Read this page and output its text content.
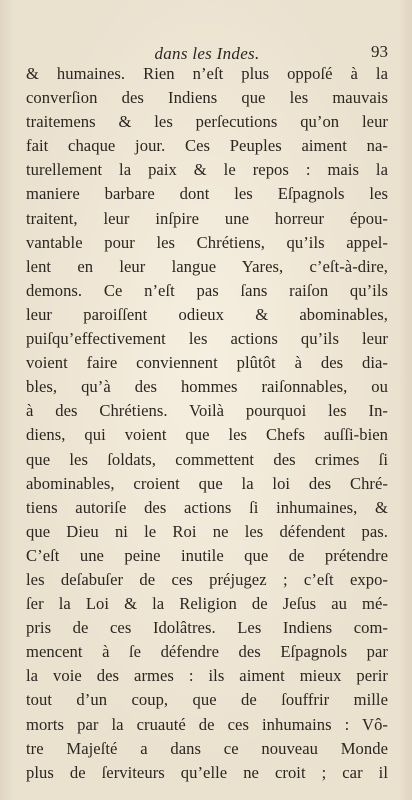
dans les Indes.	93
& humaines. Rien n’eſt plus oppoſé à la
converſion des Indiens que les mauvais
traitemens & les perſecutions qu’on leur
fait chaque jour. Ces Peuples aiment na-
turellement la paix & le repos : mais la
maniere barbare dont les Eſpagnols les
traitent, leur inſpire une horreur épou-
vantable pour les Chrétiens, qu’ils appel-
lent en leur langue Yares, c’eſt-à-dire,
demons. Ce n’eſt pas ſans raiſon qu’ils
leur paroiſſent odieux & abominables,
puiſqu’effectivement les actions qu’ils leur
voient faire conviennent plûtôt à des dia-
bles, qu’à des hommes raiſonnables, ou
à des Chrétiens. Voilà pourquoi les In-
diens, qui voient que les Chefs auſſi-bien
que les ſoldats, commettent des crimes ſi
abominables, croient que la loi des Chré-
tiens autoriſe des actions ſi inhumaines, &
que Dieu ni le Roi ne les défendent pas.
C’eſt une peine inutile que de prétendre
les deſabuſer de ces préjugez ; c’eſt expo-
ſer la Loi & la Religion de Jeſus au mé-
pris de ces Idolâtres. Les Indiens com-
mencent à ſe défendre des Eſpagnols par
la voie des armes : ils aiment mieux perir
tout d’un coup, que de ſouffrir mille
morts par la cruauté de ces inhumains : Vô-
tre Majeſté a dans ce nouveau Monde
plus de ſerviteurs qu’elle ne croit ; car il
